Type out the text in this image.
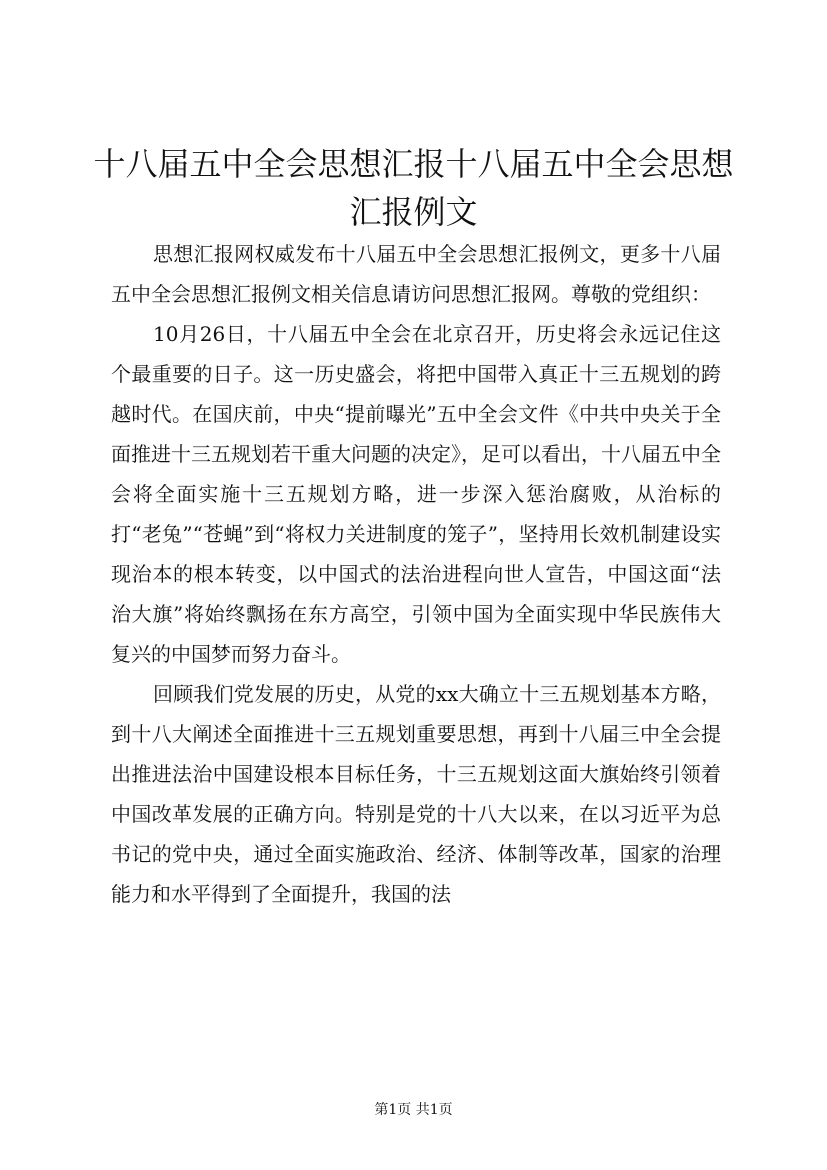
十八届五中全会思想汇报十八届五中全会思想汇报例文

思想汇报网权威发布十八届五中全会思想汇报例文，更多十八届五中全会思想汇报例文相关信息请访问思想汇报网。尊敬的党组织：

10月26日，十八届五中全会在北京召开，历史将会永远记住这个最重要的日子。这一历史盛会，将把中国带入真正十三五规划的跨越时代。在国庆前，中央“提前曝光”五中全会文件《中共中央关于全面推进十三五规划若干重大问题的决定》，足可以看出，十八届五中全会将全面实施十三五规划方略，进一步深入惩治腐败，从治标的打“老兔”“苍蝇”到“将权力关进制度的笼子”，坚持用长效机制建设实现治本的根本转变，以中国式的法治进程向世人宣告，中国这面“法治大旗”将始终飘扬在东方高空，引领中国为全面实现中华民族伟大复兴的中国梦而努力奋斗。

回顾我们党发展的历史，从党的xx大确立十三五规划基本方略，到十八大阐述全面推进十三五规划重要思想，再到十八届三中全会提出推进法治中国建设根本目标任务，十三五规划这面大旗始终引领着中国改革发展的正确方向。特别是党的十八大以来，在以习近平为总书记的党中央，通过全面实施政治、经济、体制等改革，国家的治理能力和水平得到了全面提升，我国的法

第1页 共1页
